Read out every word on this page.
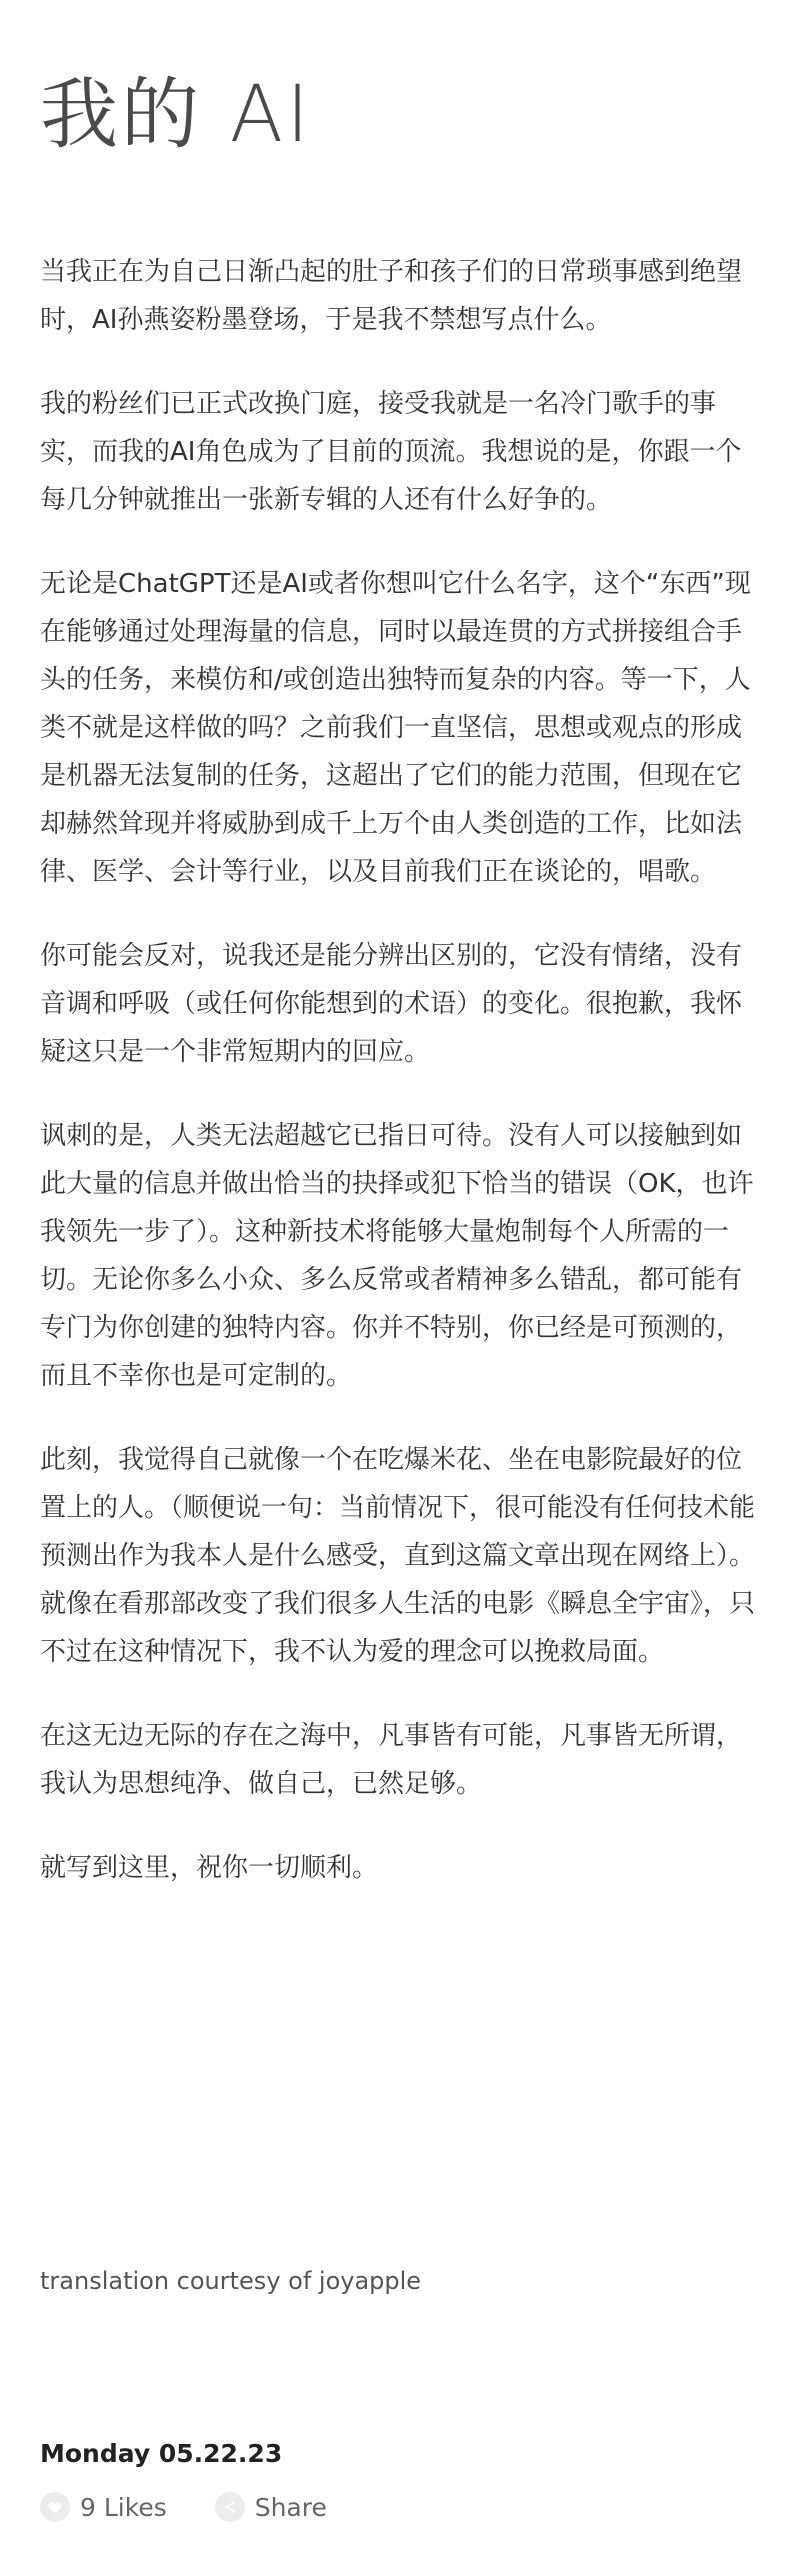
我的 AI

当我正在为自己日渐凸起的肚子和孩子们的日常琐事感到绝望时，AI孙燕姿粉墨登场，于是我不禁想写点什么。

我的粉丝们已正式改换门庭，接受我就是一名冷门歌手的事实，而我的AI角色成为了目前的顶流。我想说的是，你跟一个每几分钟就推出一张新专辑的人还有什么好争的。

无论是ChatGPT还是AI或者你想叫它什么名字，这个“东西”现在能够通过处理海量的信息，同时以最连贯的方式拼接组合手头的任务，来模仿和/或创造出独特而复杂的内容。等一下，人类不就是这样做的吗？之前我们一直坚信，思想或观点的形成是机器无法复制的任务，这超出了它们的能力范围，但现在它却赫然耸现并将威胁到成千上万个由人类创造的工作，比如法律、医学、会计等行业，以及目前我们正在谈论的，唱歌。

你可能会反对，说我还是能分辨出区别的，它没有情绪，没有音调和呼吸（或任何你能想到的术语）的变化。很抱歉，我怀疑这只是一个非常短期内的回应。

讽刺的是，人类无法超越它已指日可待。没有人可以接触到如此大量的信息并做出恰当的抉择或犯下恰当的错误（OK，也许我领先一步了）。这种新技术将能够大量炮制每个人所需的一切。无论你多么小众、多么反常或者精神多么错乱，都可能有专门为你创建的独特内容。你并不特别，你已经是可预测的，而且不幸你也是可定制的。

此刻，我觉得自己就像一个在吃爆米花、坐在电影院最好的位置上的人。（顺便说一句：当前情况下，很可能没有任何技术能预测出作为我本人是什么感受，直到这篇文章出现在网络上）。就像在看那部改变了我们很多人生活的电影《瞬息全宇宙》，只不过在这种情况下，我不认为爱的理念可以挽救局面。

在这无边无际的存在之海中，凡事皆有可能，凡事皆无所谓，我认为思想纯净、做自己，已然足够。

就写到这里，祝你一切顺利。

translation courtesy of joyapple

Monday 05.22.23

9 Likes	Share
